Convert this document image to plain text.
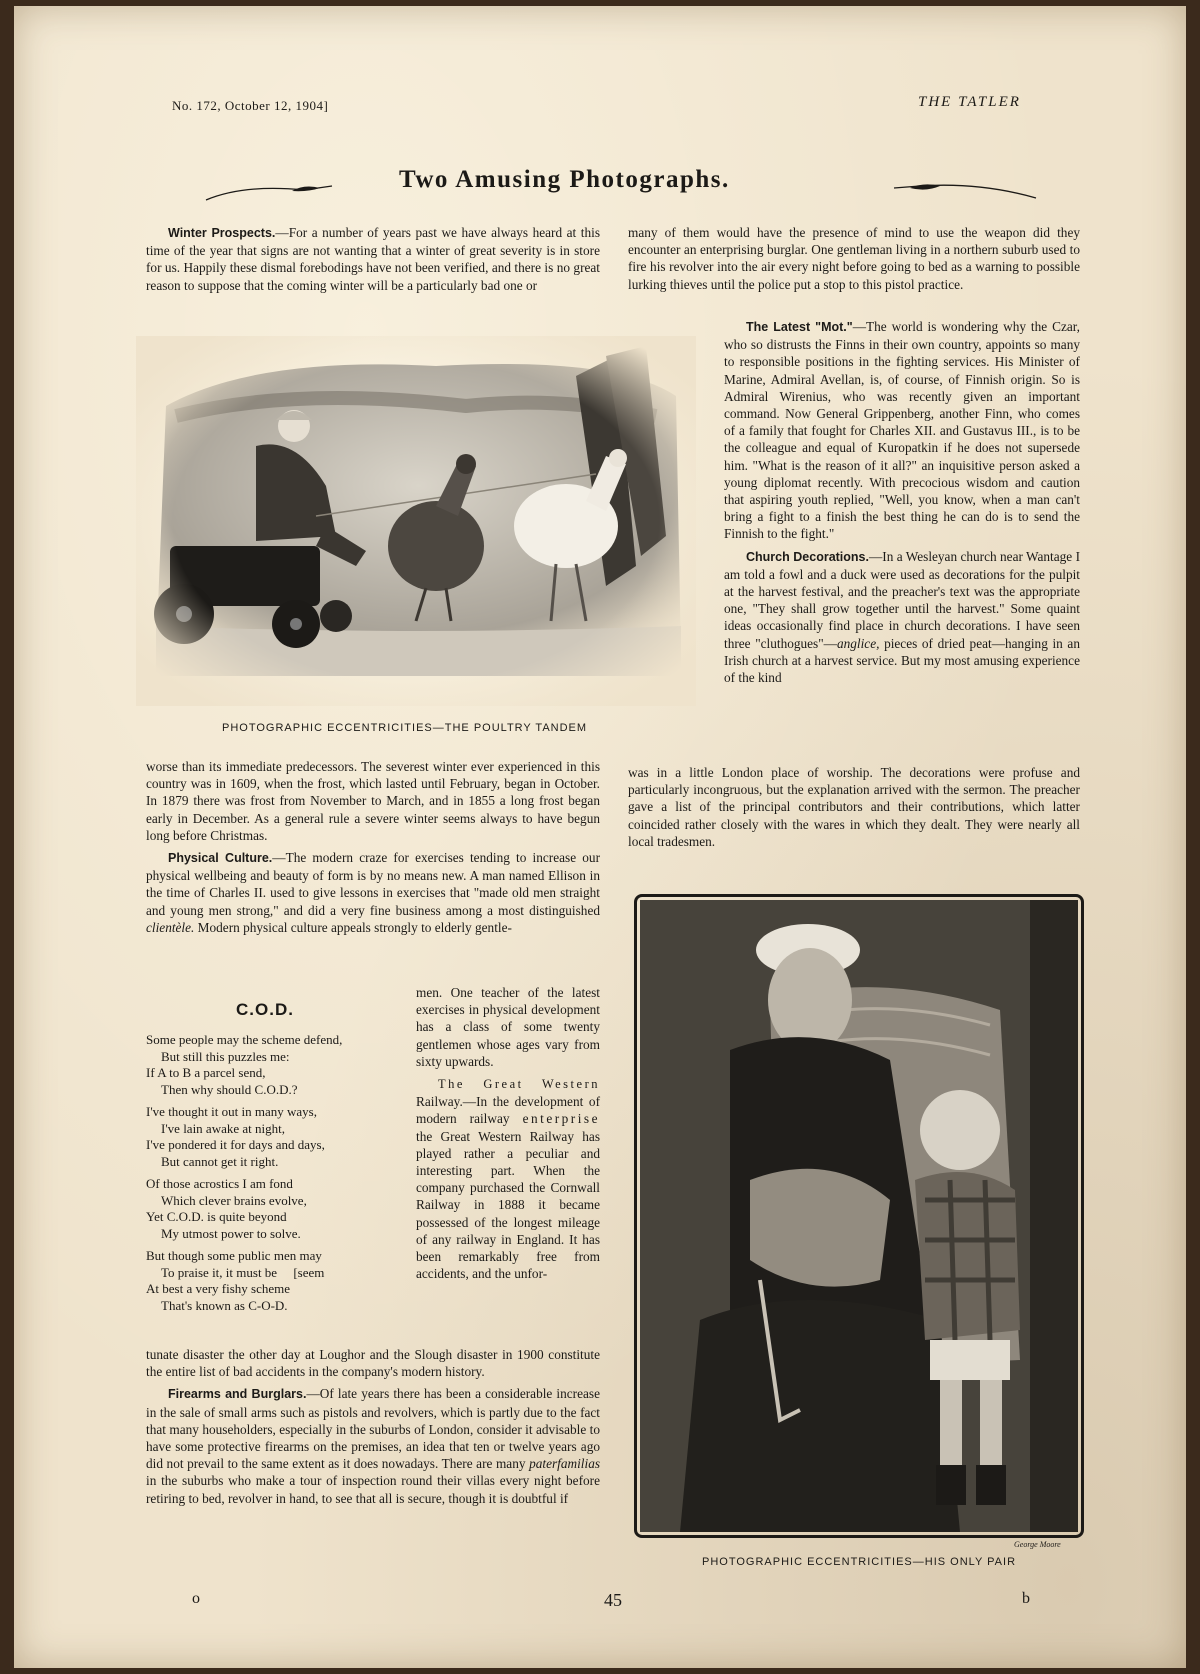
No. 172, October 12, 1904]	THE TATLER
Two Amusing Photographs.

Winter Prospects.—For a number of years past we have always heard at this time of the year that signs are not wanting that a winter of great severity is in store for us. Happily these dismal forebodings have not been verified, and there is no great reason to suppose that the coming winter will be a particularly bad one or

PHOTOGRAPHIC ECCENTRICITIES—THE POULTRY TANDEM

worse than its immediate predecessors. The severest winter ever experienced in this country was in 1609, when the frost, which lasted until February, began in October. In 1879 there was frost from November to March, and in 1855 a long frost began early in December. As a general rule a severe winter seems always to have begun long before Christmas.

Physical Culture.—The modern craze for exercises tending to increase our physical wellbeing and beauty of form is by no means new. A man named Ellison in the time of Charles II. used to give lessons in exercises that "made old men straight and young men strong," and did a very fine business among a most distinguished clientèle. Modern physical culture appeals strongly to elderly gentle-

C.O.D.
Some people may the scheme defend,
But still this puzzles me:
If A to B a parcel send,
Then why should C.O.D.?
I've thought it out in many ways,
I've lain awake at night,
I've pondered it for days and days,
But cannot get it right.
Of those acrostics I am fond
Which clever brains evolve,
Yet C.O.D. is quite beyond
My utmost power to solve.
But though some public men may
To praise it, it must be     [seem
At best a very fishy scheme
That's known as C-O-D.

men. One teacher of the latest exercises in physical development has a class of some twenty gentlemen whose ages vary from sixty upwards.

The Great Western Railway.—In the development of modern railway enterprise the Great Western Railway has played rather a peculiar and interesting part. When the company purchased the Cornwall Railway in 1888 it became possessed of the longest mileage of any railway in England. It has been remarkably free from accidents, and the unfor-

tunate disaster the other day at Loughor and the Slough disaster in 1900 constitute the entire list of bad accidents in the company's modern history.

Firearms and Burglars.—Of late years there has been a considerable increase in the sale of small arms such as pistols and revolvers, which is partly due to the fact that many householders, especially in the suburbs of London, consider it advisable to have some protective firearms on the premises, an idea that ten or twelve years ago did not prevail to the same extent as it does nowadays. There are many paterfamilias in the suburbs who make a tour of inspection round their villas every night before retiring to bed, revolver in hand, to see that all is secure, though it is doubtful if

many of them would have the presence of mind to use the weapon did they encounter an enterprising burglar. One gentleman living in a northern suburb used to fire his revolver into the air every night before going to bed as a warning to possible lurking thieves until the police put a stop to this pistol practice.

The Latest "Mot."—The world is wondering why the Czar, who so distrusts the Finns in their own country, appoints so many to responsible positions in the fighting services. His Minister of Marine, Admiral Avellan, is, of course, of Finnish origin. So is Admiral Wirenius, who was recently given an important command. Now General Grippenberg, another Finn, who comes of a family that fought for Charles XII. and Gustavus III., is to be the colleague and equal of Kuropatkin if he does not supersede him. "What is the reason of it all?" an inquisitive person asked a young diplomat recently. With precocious wisdom and caution that aspiring youth replied, "Well, you know, when a man can't bring a fight to a finish the best thing he can do is to send the Finnish to the fight."

Church Decorations.—In a Wesleyan church near Wantage I am told a fowl and a duck were used as decorations for the pulpit at the harvest festival, and the preacher's text was the appropriate one, "They shall grow together until the harvest." Some quaint ideas occasionally find place in church decorations. I have seen three "cluthogues"—anglice, pieces of dried peat—hanging in an Irish church at a harvest service. But my most amusing experience of the kind

was in a little London place of worship. The decorations were profuse and particularly incongruous, but the explanation arrived with the sermon. The preacher gave a list of the principal contributors and their contributions, which latter coincided rather closely with the wares in which they dealt. They were nearly all local tradesmen.

George Moore
PHOTOGRAPHIC ECCENTRICITIES—HIS ONLY PAIR
o	45	b
